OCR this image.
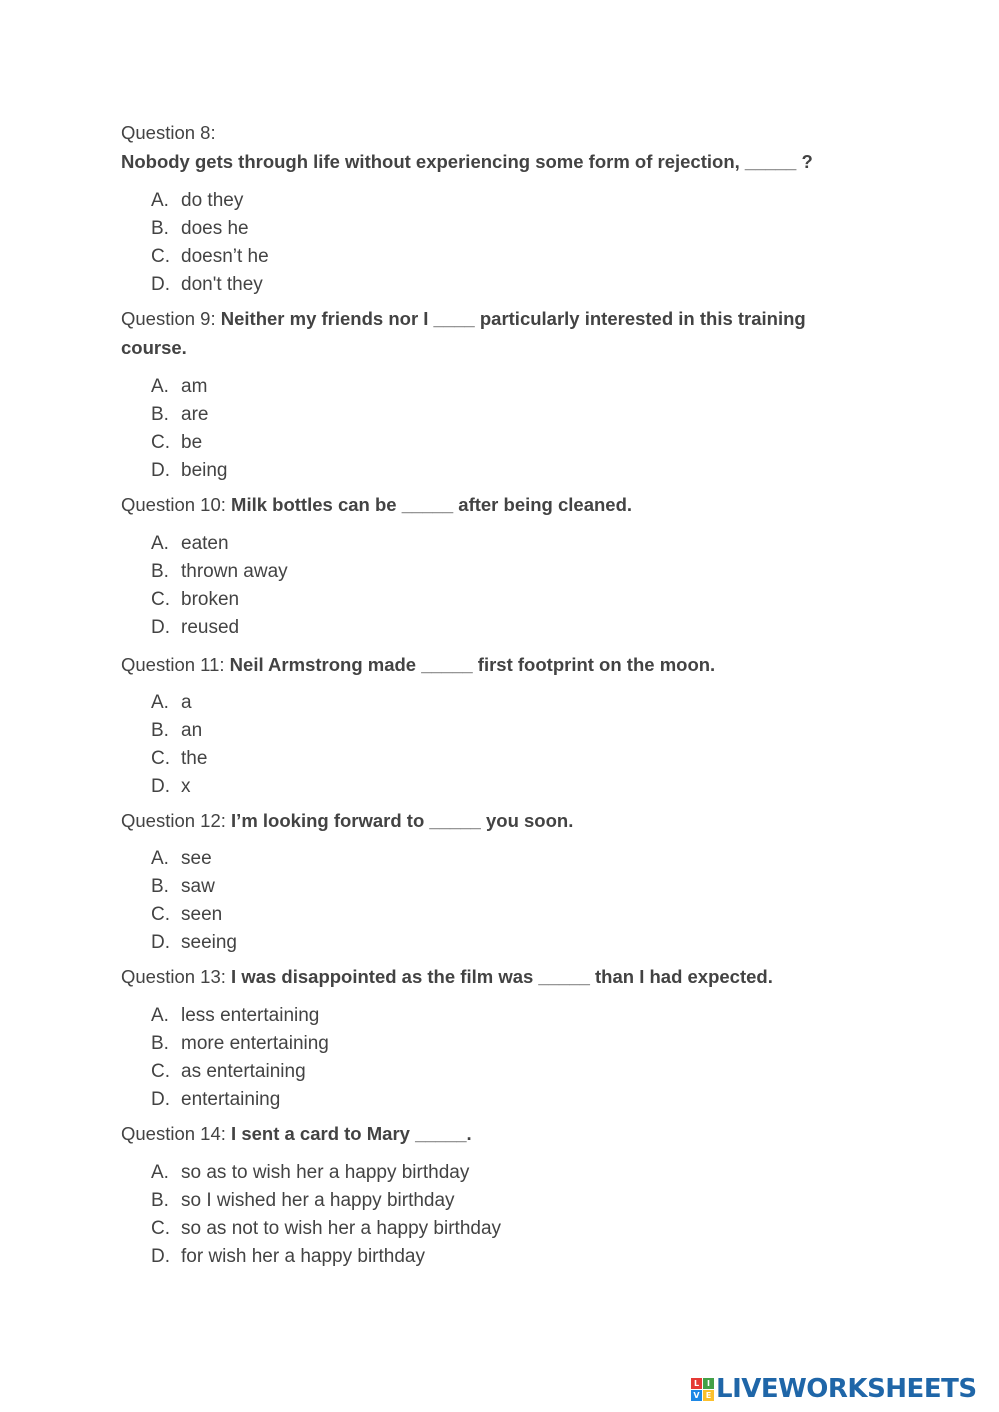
Question 8:
Nobody gets through life without experiencing some form of rejection, _____ ?
A. do they
B. does he
C. doesn’t he
D. don't they
Question 9: Neither my friends nor I ____ particularly interested in this training course.
A. am
B. are
C. be
D. being
Question 10: Milk bottles can be _____ after being cleaned.
A. eaten
B. thrown away
C. broken
D. reused
Question 11: Neil Armstrong made _____ first footprint on the moon.
A. a
B. an
C. the
D. x
Question 12: I’m looking forward to _____ you soon.
A. see
B. saw
C. seen
D. seeing
Question 13: I was disappointed as the film was _____ than I had expected.
A. less entertaining
B. more entertaining
C. as entertaining
D. entertaining
Question 14: I sent a card to Mary _____.
A. so as to wish her a happy birthday
B. so I wished her a happy birthday
C. so as not to wish her a happy birthday
D. for wish her a happy birthday
L I
V E LIVEWORKSHEETS
